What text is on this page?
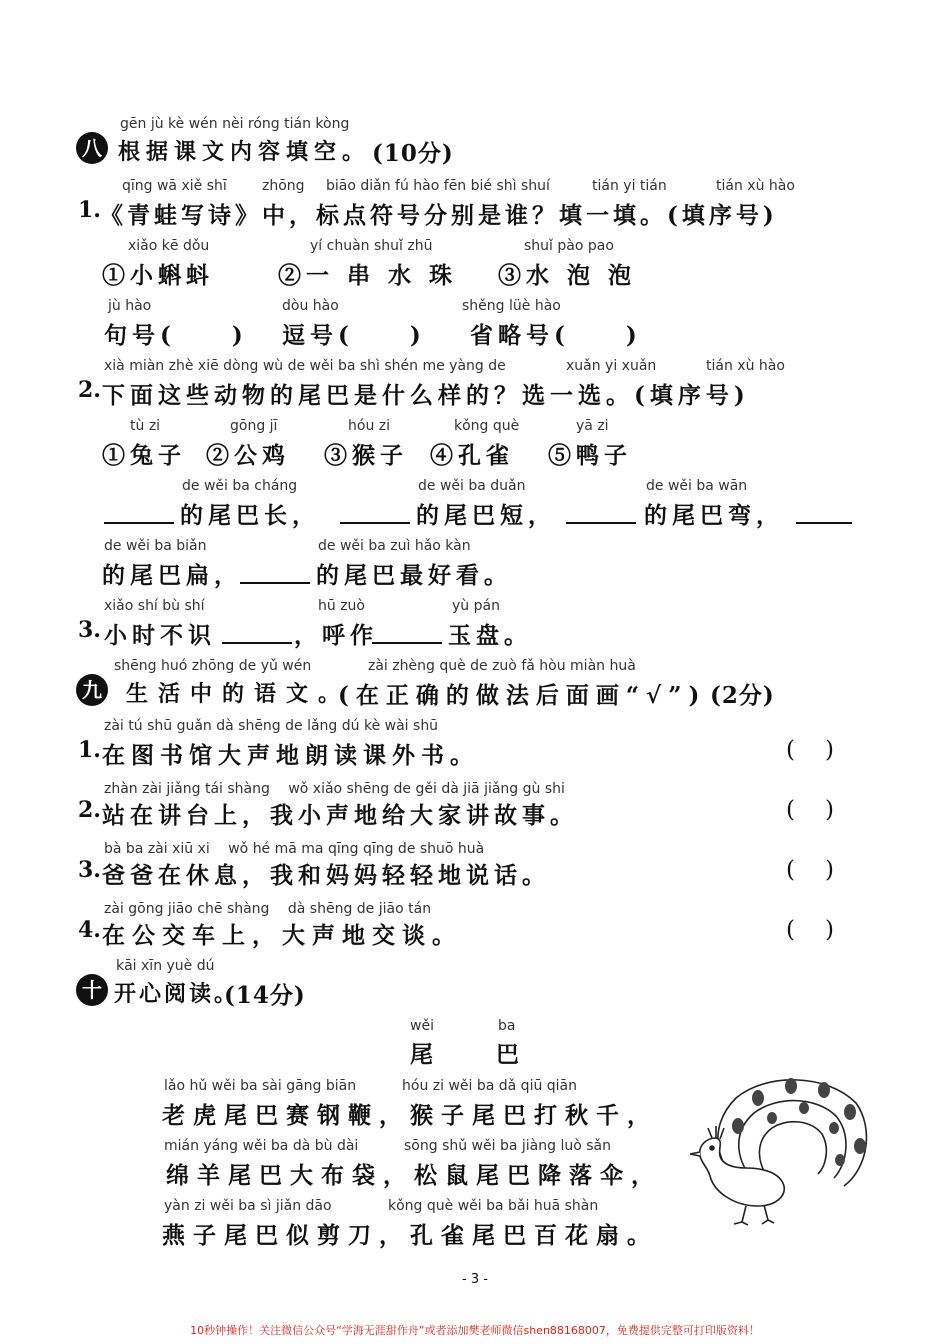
八
gēn jù kè wén nèi róng tián kòng
根据课文内容填空。 (10分)
1.
qīng wā xiě shī	zhōng biāo diǎn fú hào fēn bié shì shuí	tián yi tián	tián xù hào
《青蛙写诗》中，标点符号分别是谁？填一填。(填序号)
xiǎo kē dǒu
①小蝌蚪
yí chuàn shuǐ zhū
②一 串 水 珠
shuǐ pào pao
③水 泡 泡
jù hào
句号(　　)
dòu hào
逗号(　　)
shěng lüè hào
省略号(　　)
2.
xià miàn zhè xiē dòng wù de wěi ba shì shén me yàng de	xuǎn yi xuǎn	tián xù hào
下面这些动物的尾巴是什么样的？选一选。(填序号)
tù zi
①兔子
gōng jī
②公鸡
hóu zi
③猴子
kǒng què
④孔雀
yā zi
⑤鸭子
de wěi ba cháng
的尾巴长，
de wěi ba duǎn
的尾巴短，
de wěi ba wān
的尾巴弯，
de wěi ba biǎn
的尾巴扁，
de wěi ba zuì hǎo kàn
的尾巴最好看。
3.
xiǎo shí bù shí
小时不识
hū zuò
，呼作
yù pán
玉盘。
九
shēng huó zhōng de yǔ wén	zài zhèng què de zuò fǎ hòu miàn huà
生活中的语文。
(在正确的做法后面画“√”) (2分)
1.
zài tú shū guǎn dà shēng de lǎng dú kè wài shū
在图书馆大声地朗读课外书。	()
2.
zhàn zài jiǎng tái shàng　 wǒ xiǎo shēng de gěi dà jiā jiǎng gù shi
站在讲台上，我小声地给大家讲故事。	()
3.
bà ba zài xiū xi　 wǒ hé mā ma qīng qīng de shuō huà
爸爸在休息，我和妈妈轻轻地说话。	()
4.
zài gōng jiāo chē shàng　 dà shēng de jiāo tán
在公交车上，大声地交谈。	()
十
kāi xīn yuè dú
开心阅读。
(14分)
wěi	ba
尾	巴
lǎo hǔ wěi ba sài gāng biān	hóu zi wěi ba dǎ qiū qiān
老虎尾巴赛钢鞭，猴子尾巴打秋千，
mián yáng wěi ba dà bù dài	sōng shǔ wěi ba jiàng luò sǎn
绵羊尾巴大布袋，松鼠尾巴降落伞，
yàn zi wěi ba sì jiǎn dāo	kǒng què wěi ba bǎi huā shàn
燕子尾巴似剪刀，孔雀尾巴百花扇。
- 3 -
10秒钟操作！关注微信公众号“学海无涯甜作舟”或者添加樊老师微信shen88168007，免费提供完整可打印版资料！
